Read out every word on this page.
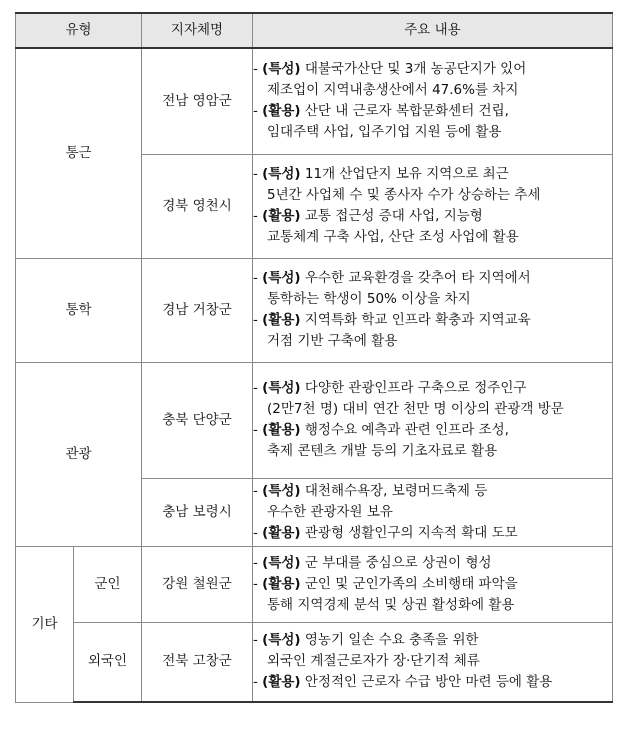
유형		지자체명	주요 내용
통근		전남 영암군	- (특성) 대불국가산단 및 3개 농공단지가 있어
제조업이 지역내총생산에서 47.6%를 차지
- (활용) 산단 내 근로자 복합문화센터 건립,
임대주택 사업, 입주기업 지원 등에 활용

		경북 영천시	- (특성) 11개 산업단지 보유 지역으로 최근
5년간 사업체 수 및 종사자 수가 상승하는 추세
- (활용) 교통 접근성 증대 사업, 지능형
교통체계 구축 사업, 산단 조성 사업에 활용

통학		경남 거창군	- (특성) 우수한 교육환경을 갖추어 타 지역에서
통학하는 학생이 50% 이상을 차지
- (활용) 지역특화 학교 인프라 확충과 지역교육
거점 기반 구축에 활용

관광		충북 단양군	- (특성) 다양한 관광인프라 구축으로 정주인구
(2만7천 명) 대비 연간 천만 명 이상의 관광객 방문
- (활용) 행정수요 예측과 관련 인프라 조성,
축제 콘텐츠 개발 등의 기초자료로 활용

		충남 보령시	- (특성) 대천해수욕장, 보령머드축제 등
우수한 관광자원 보유
- (활용) 관광형 생활인구의 지속적 확대 도모

기타	군인	강원 철원군	- (특성) 군 부대를 중심으로 상권이 형성
- (활용) 군인 및 군인가족의 소비행태 파악을
통해 지역경제 분석 및 상권 활성화에 활용

	외국인	전북 고창군	- (특성) 영농기 일손 수요 충족을 위한
외국인 계절근로자가 장·단기적 체류
- (활용) 안정적인 근로자 수급 방안 마련 등에 활용
